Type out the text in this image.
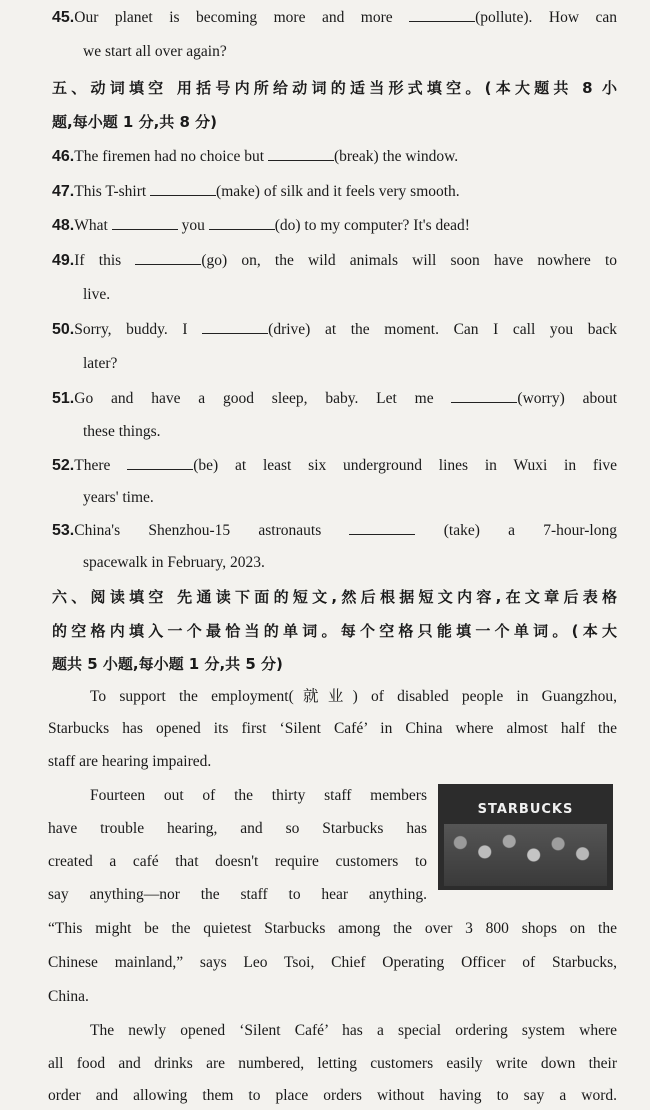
45.Our planet is becoming more and more	(pollute). How can
we start all over again?
五、动词填空 用括号内所给动词的适当形式填空。(本大题共 8 小
题,每小题 1 分,共 8 分)
46.The firemen had no choice but	(break) the window.
47.This T-shirt	(make) of silk and it feels very smooth.
48.What	you	(do) to my computer? It's dead!
49.If this	(go) on, the wild animals will soon have nowhere to
live.
50.Sorry, buddy. I	(drive) at the moment. Can I call you back
later?
51.Go and have a good sleep, baby. Let me	(worry) about
these things.
52.There	(be) at least six underground lines in Wuxi in five
years' time.
53.China's Shenzhou-15 astronauts	(take) a 7-hour-long
spacewalk in February, 2023.
六、阅读填空 先通读下面的短文,然后根据短文内容,在文章后表格
的空格内填入一个最恰当的单词。每个空格只能填一个单词。(本大
题共 5 小题,每小题 1 分,共 5 分)
To support the employment(就业) of disabled people in Guangzhou,
Starbucks has opened its first ‘Silent Café’ in China where almost half the
staff are hearing impaired.
Fourteen out of the thirty staff members
have trouble hearing, and so Starbucks has
created a café that doesn't require customers to
say anything—nor the staff to hear anything.
“This might be the quietest Starbucks among the over 3 800 shops on the
Chinese mainland,” says Leo Tsoi, Chief Operating Officer of Starbucks,
China.
The newly opened ‘Silent Café’ has a special ordering system where
all food and drinks are numbered, letting customers easily write down their
order and allowing them to place orders without having to say a word.
STARBUCKS
